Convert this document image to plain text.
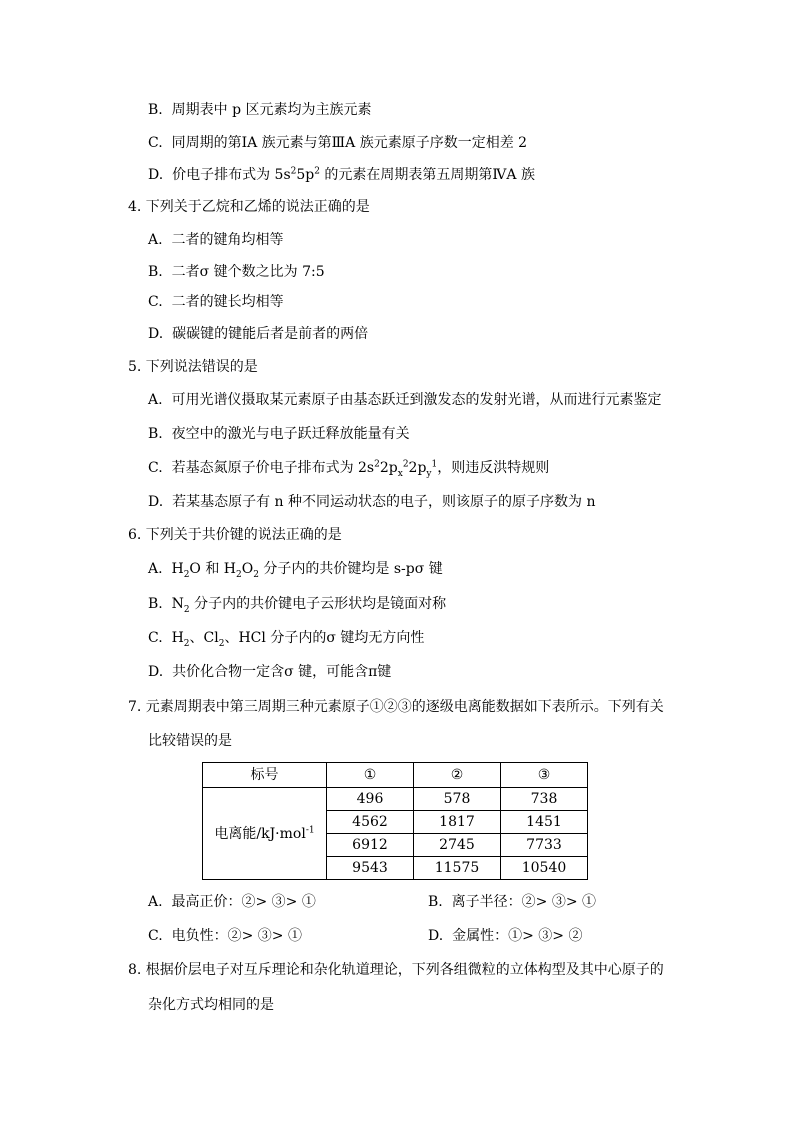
B. 周期表中 p 区元素均为主族元素
C. 同周期的第ⅠA 族元素与第ⅢA 族元素原子序数一定相差 2
D. 价电子排布式为 $5s^25p^2$ 的元素在周期表第五周期第ⅣA 族
4. 下列关于乙烷和乙烯的说法正确的是
A. 二者的键角均相等
B. 二者σ 键个数之比为 7:5
C. 二者的键长均相等
D. 碳碳键的键能后者是前者的两倍
5. 下列说法错误的是
A. 可用光谱仪摄取某元素原子由基态跃迁到激发态的发射光谱，从而进行元素鉴定
B. 夜空中的激光与电子跃迁释放能量有关
C. 若基态氮原子价电子排布式为 $2s^22p_x^22p_y^1$，则违反洪特规则
D. 若某基态原子有 n 种不同运动状态的电子，则该原子的原子序数为 n
6. 下列关于共价键的说法正确的是
A. $H_2O$ 和 $H_2O_2$ 分子内的共价键均是 s-pσ 键
B. $N_2$ 分子内的共价键电子云形状均是镜面对称
C. $H_2$、$Cl_2$、HCl 分子内的σ 键均无方向性
D. 共价化合物一定含σ 键，可能含π键
7. 元素周期表中第三周期三种元素原子①②③的逐级电离能数据如下表所示。下列有关
比较错误的是
标号	①	②	③
电离能/kJ·mol$^{-1}$	496	578	738
	4562	1817	1451
	6912	2745	7733
	9543	11575	10540
A. 最高正价：②> ③> ①	B. 离子半径：②> ③> ①
C. 电负性：②> ③> ①	D. 金属性：①> ③> ②
8. 根据价层电子对互斥理论和杂化轨道理论，下列各组微粒的立体构型及其中心原子的
杂化方式均相同的是
